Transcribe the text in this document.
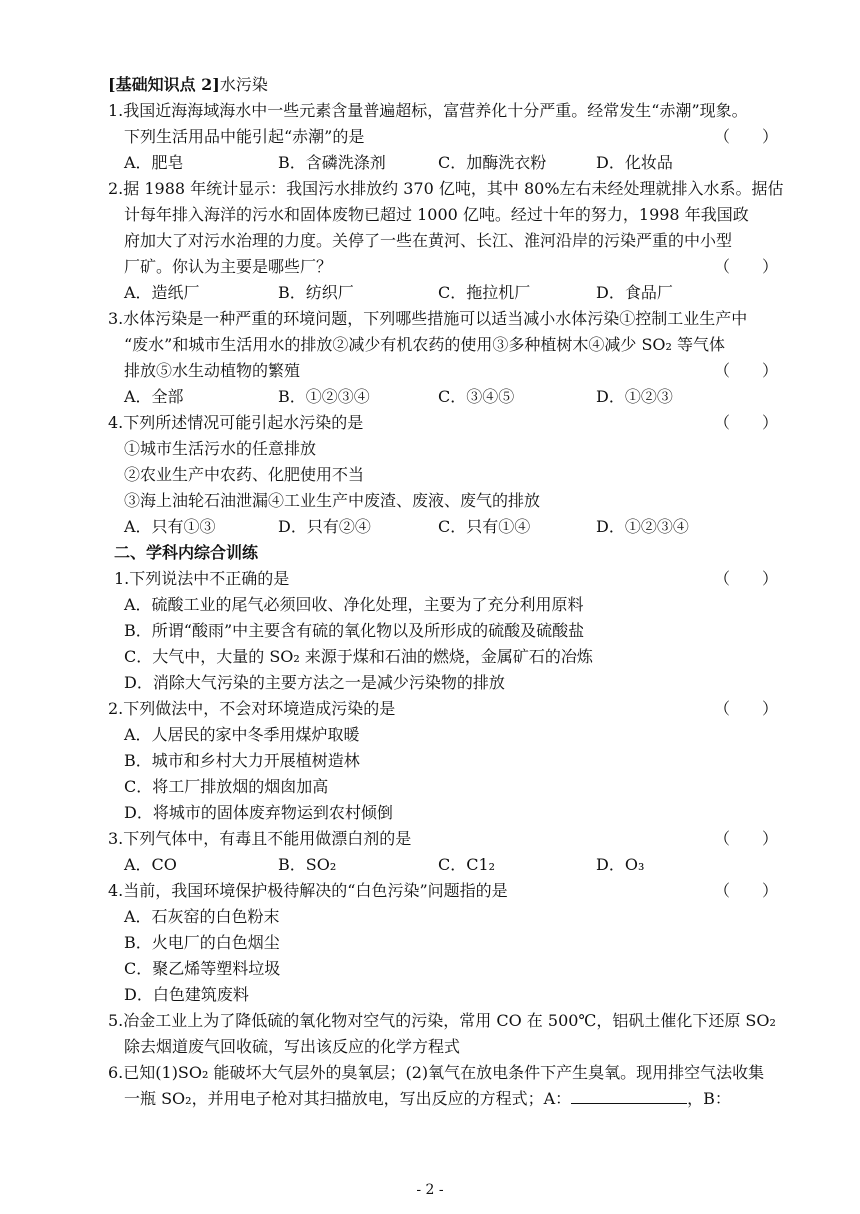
[基础知识点 2]水污染
1.我国近海海域海水中一些元素含量普遍超标，富营养化十分严重。经常发生“赤潮”现象。
下列生活用品中能引起“赤潮”的是	（　　）
A．肥皂	B．含磷洗涤剂	C．加酶洗衣粉	D．化妆品
2.据 1988 年统计显示：我国污水排放约 370 亿吨，其中 80%左右未经处理就排入水系。据估
计每年排入海洋的污水和固体废物已超过 1000 亿吨。经过十年的努力，1998 年我国政
府加大了对污水治理的力度。关停了一些在黄河、长江、淮河沿岸的污染严重的中小型
厂矿。你认为主要是哪些厂？	（　　）
A．造纸厂	B．纺织厂	C．拖拉机厂	D．食品厂
3.水体污染是一种严重的环境问题，下列哪些措施可以适当减小水体污染①控制工业生产中
“废水”和城市生活用水的排放②减少有机农药的使用③多种植树木④减少 SO₂ 等气体
排放⑤水生动植物的繁殖	（　　）
A．全部	B．①②③④	C．③④⑤	D．①②③
4.下列所述情况可能引起水污染的是	（　　）
①城市生活污水的任意排放
②农业生产中农药、化肥使用不当
③海上油轮石油泄漏④工业生产中废渣、废液、废气的排放
A．只有①③	D．只有②④	C．只有①④	D．①②③④
二、学科内综合训练
1.下列说法中不正确的是	（　　）
A．硫酸工业的尾气必须回收、净化处理，主要为了充分利用原料
B．所谓“酸雨”中主要含有硫的氧化物以及所形成的硫酸及硫酸盐
C．大气中，大量的 SO₂ 来源于煤和石油的燃烧，金属矿石的冶炼
D．消除大气污染的主要方法之一是减少污染物的排放
2.下列做法中，不会对环境造成污染的是	（　　）
A．人居民的家中冬季用煤炉取暖
B．城市和乡村大力开展植树造林
C．将工厂排放烟的烟囱加高
D．将城市的固体废弃物运到农村倾倒
3.下列气体中，有毒且不能用做漂白剂的是	（　　）
A．CO	B．SO₂	C．C1₂	D．O₃
4.当前，我国环境保护极待解决的“白色污染”问题指的是	（　　）
A．石灰窑的白色粉末
B．火电厂的白色烟尘
C．聚乙烯等塑料垃圾
D．白色建筑废料
5.冶金工业上为了降低硫的氧化物对空气的污染，常用 CO 在 500℃，铝矾土催化下还原 SO₂
除去烟道废气回收硫，写出该反应的化学方程式
6.已知(1)SO₂ 能破坏大气层外的臭氧层；(2)氧气在放电条件下产生臭氧。现用排空气法收集
一瓶 SO₂，并用电子枪对其扫描放电，写出反应的方程式；A：	，B：
- 2 -
